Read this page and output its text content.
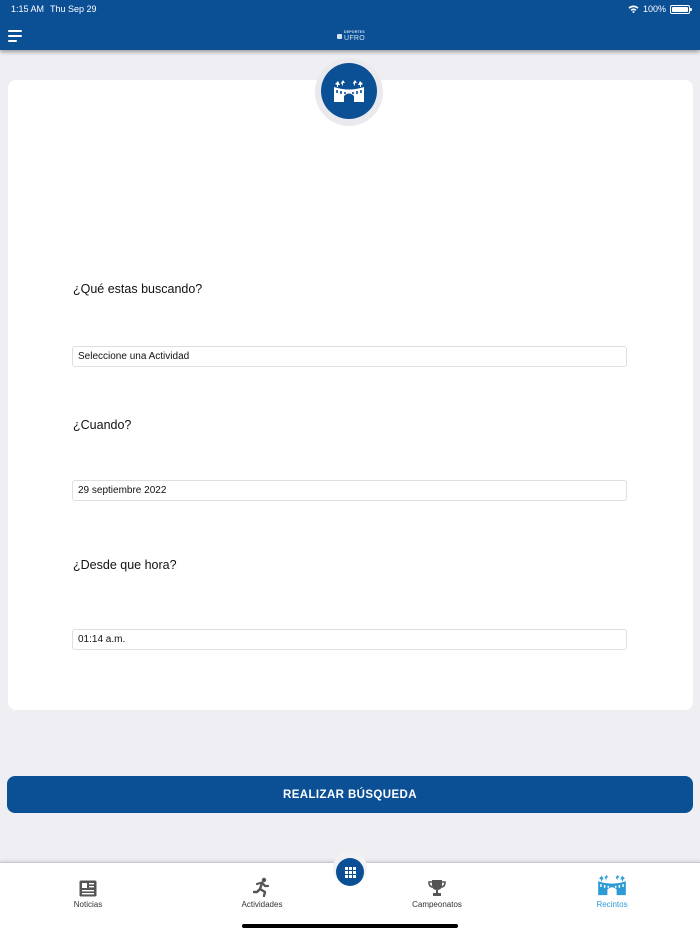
1:15 AM Thu Sep 29	100%
DEPORTES
UFRO
¿Qué estas buscando?
Seleccione una Actividad
¿Cuando?
29 septiembre 2022
¿Desde que hora?
01:14 a.m.
REALIZAR BÚSQUEDA
Noticias	Actividades	Campeonatos	Recintos
